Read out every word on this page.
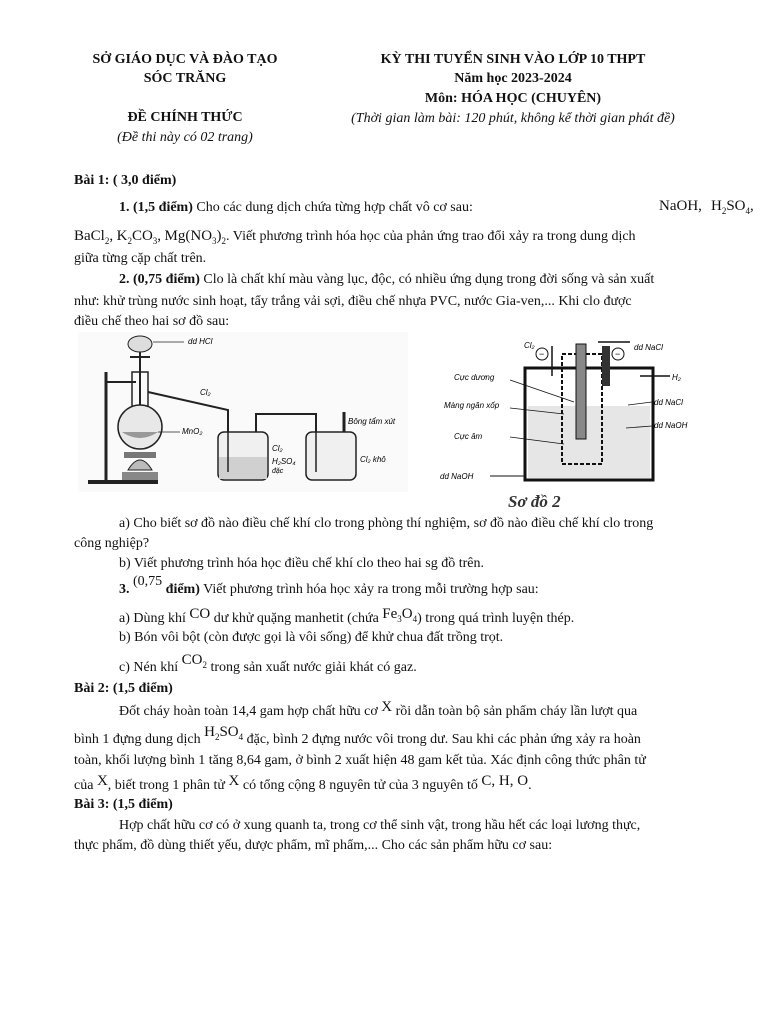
SỞ GIÁO DỤC VÀ ĐÀO TẠO
SÓC TRĂNG
ĐỀ CHÍNH THỨC
(Đề thi này có 02 trang)
KỲ THI TUYỂN SINH VÀO LỚP 10 THPT
Năm học 2023-2024
Môn: HÓA HỌC (CHUYÊN)
(Thời gian làm bài: 120 phút, không kể thời gian phát đề)
Bài 1: ( 3,0 điểm)
1. (1,5 điểm) Cho các dung dịch chứa từng hợp chất vô cơ sau:	NaOH, $H_2SO_4$,
BaCl$_2$, $K_2CO_3$, $Mg(NO_3)_2$. Viết phương trình hóa học của phản ứng trao đổi xảy ra trong dung dịch
giữa từng cặp chất trên.
2. (0,75 điểm) Clo là chất khí màu vàng lục, độc, có nhiều ứng dụng trong đời sống và sản xuất
như: khử trùng nước sinh hoạt, tẩy trắng vải sợi, điều chế nhựa PVC, nước Gia-ven,... Khi clo được
điều chế theo hai sơ đồ sau:
dd HCl
Cl₂
MnO₂
Bông tẩm xút
Cl₂
H₂SO₄
đặc
Cl₂ khô
−	−
Cl₂	dd NaCl
H₂
Cực dương
Màng ngăn xốp
Cực âm
dd NaCl
dd NaOH
dd NaOH
Sơ đồ 2
a) Cho biết sơ đồ nào điều chế khí clo trong phòng thí nghiệm, sơ đồ nào điều chế khí clo trong
công nghiệp?
b) Viết phương trình hóa học điều chế khí clo theo hai sg đồ trên.
3. (0,75 điểm) Viết phương trình hóa học xảy ra trong mỗi trường hợp sau:
a) Dùng khí CO dư khử quặng manhetit (chứa $Fe_3O_4$) trong quá trình luyện thép.
b) Bón vôi bột (còn được gọi là vôi sống) để khử chua đất trồng trọt.
c) Nén khí $CO_2$ trong sản xuất nước giải khát có gaz.
Bài 2: (1,5 điểm)
Đốt cháy hoàn toàn 14,4 gam hợp chất hữu cơ X rồi dẫn toàn bộ sản phẩm cháy lần lượt qua
bình 1 đựng dung dịch $H_2SO_4$ đặc, bình 2 đựng nước vôi trong dư. Sau khi các phản ứng xảy ra hoàn
toàn, khối lượng bình 1 tăng 8,64 gam, ở bình 2 xuất hiện 48 gam kết tủa. Xác định công thức phân tử
của X, biết trong 1 phân tử X có tổng cộng 8 nguyên tử của 3 nguyên tố C, H, O.
Bài 3: (1,5 điểm)
Hợp chất hữu cơ có ở xung quanh ta, trong cơ thể sinh vật, trong hầu hết các loại lương thực,
thực phẩm, đồ dùng thiết yếu, dược phẩm, mĩ phẩm,... Cho các sản phẩm hữu cơ sau:
